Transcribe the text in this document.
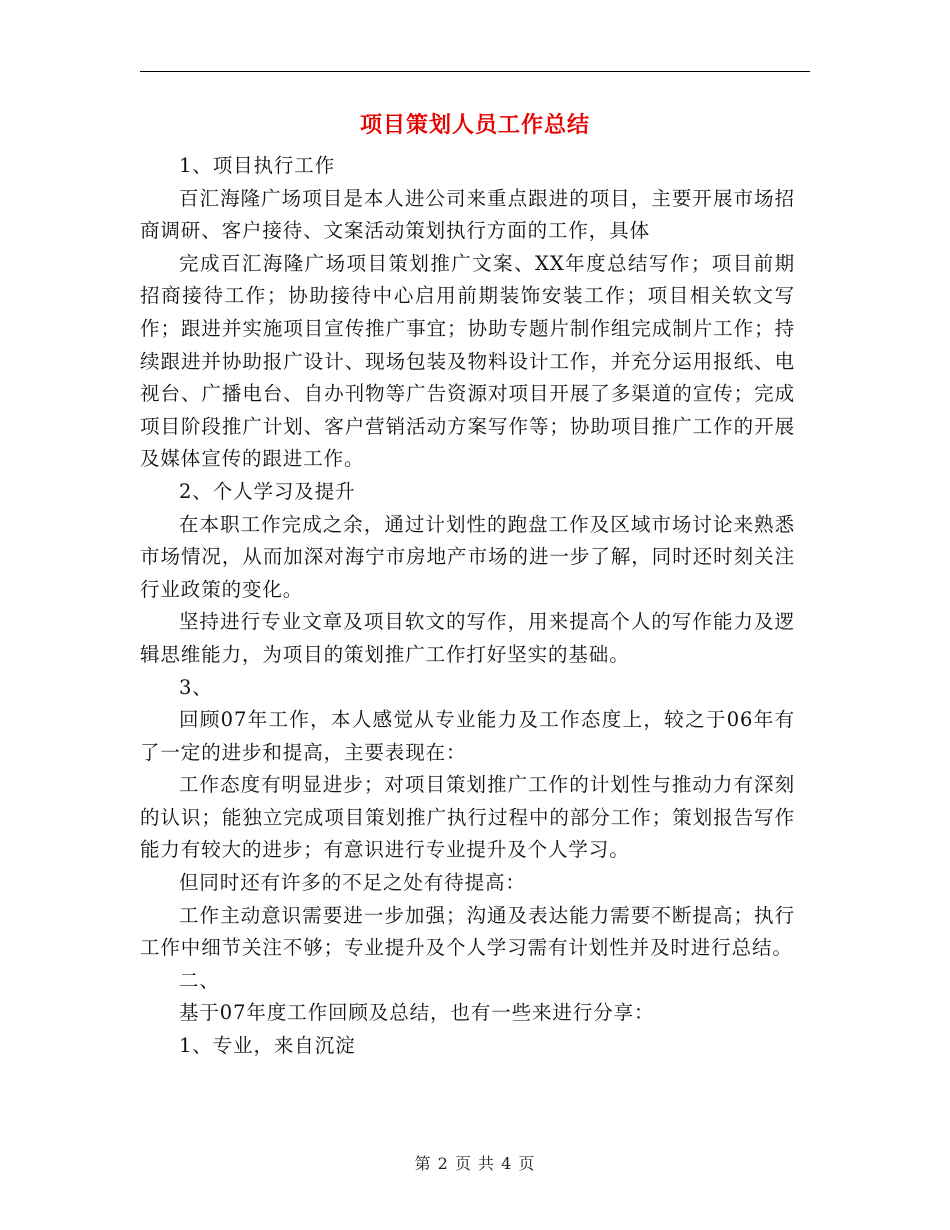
项目策划人员工作总结

1、项目执行工作

百汇海隆广场项目是本人进公司来重点跟进的项目，主要开展市场招商调研、客户接待、文案活动策划执行方面的工作，具体

完成百汇海隆广场项目策划推广文案、XX年度总结写作；项目前期招商接待工作；协助接待中心启用前期装饰安装工作；项目相关软文写作；跟进并实施项目宣传推广事宜；协助专题片制作组完成制片工作；持续跟进并协助报广设计、现场包装及物料设计工作，并充分运用报纸、电视台、广播电台、自办刊物等广告资源对项目开展了多渠道的宣传；完成项目阶段推广计划、客户营销活动方案写作等；协助项目推广工作的开展及媒体宣传的跟进工作。

2、个人学习及提升

在本职工作完成之余，通过计划性的跑盘工作及区域市场讨论来熟悉市场情况，从而加深对海宁市房地产市场的进一步了解，同时还时刻关注行业政策的变化。

坚持进行专业文章及项目软文的写作，用来提高个人的写作能力及逻辑思维能力，为项目的策划推广工作打好坚实的基础。

3、

回顾07年工作，本人感觉从专业能力及工作态度上，较之于06年有了一定的进步和提高，主要表现在：

工作态度有明显进步；对项目策划推广工作的计划性与推动力有深刻的认识；能独立完成项目策划推广执行过程中的部分工作；策划报告写作能力有较大的进步；有意识进行专业提升及个人学习。

但同时还有许多的不足之处有待提高：

工作主动意识需要进一步加强；沟通及表达能力需要不断提高；执行工作中细节关注不够；专业提升及个人学习需有计划性并及时进行总结。

二、

基于07年度工作回顾及总结，也有一些来进行分享：

1、专业，来自沉淀

第 2 页 共 4 页
